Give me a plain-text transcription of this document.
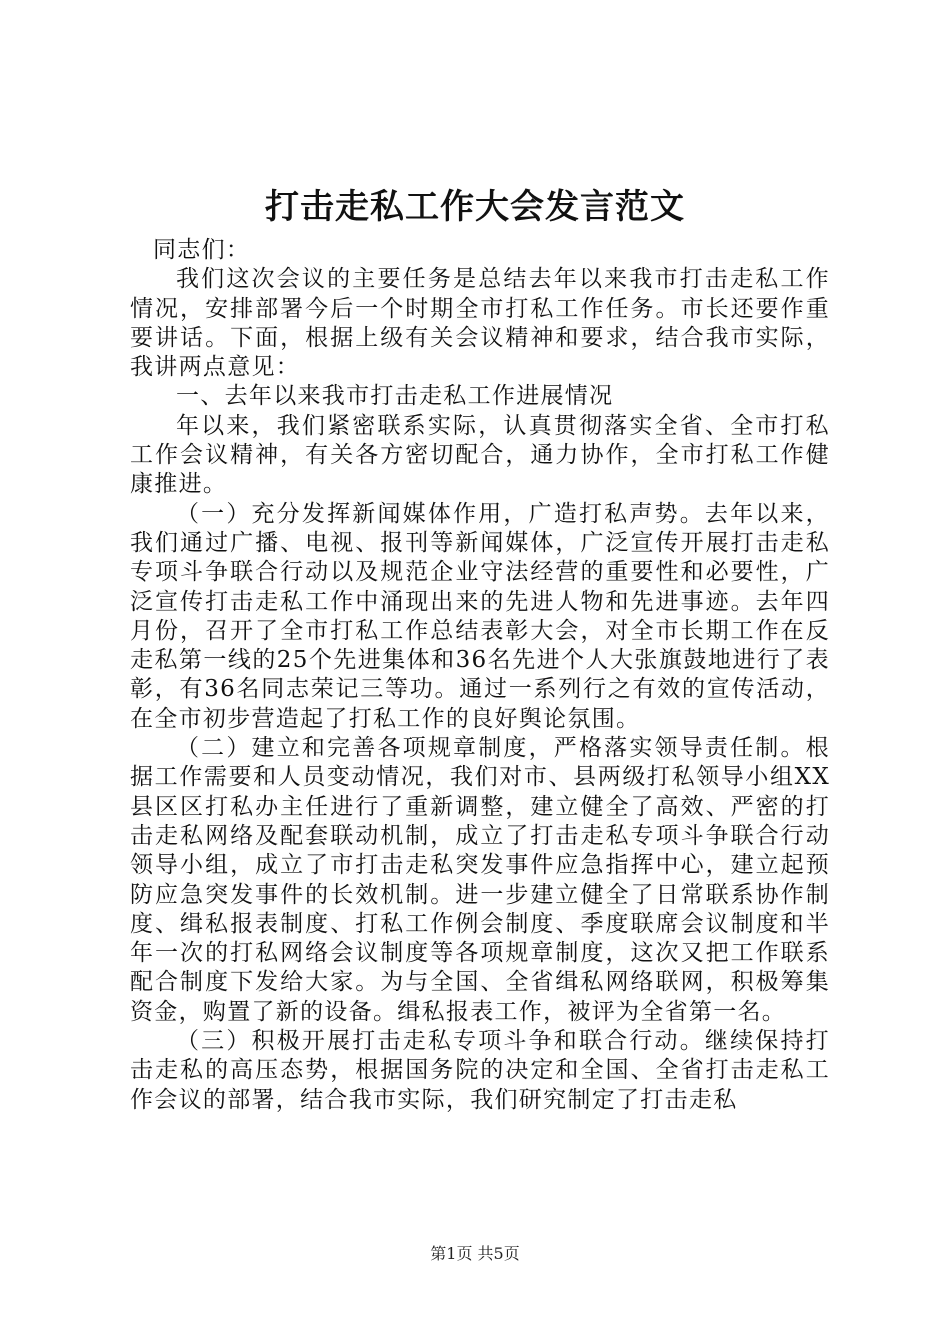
打击走私工作大会发言范文

同志们：

我们这次会议的主要任务是总结去年以来我市打击走私工作情况，安排部署今后一个时期全市打私工作任务。市长还要作重要讲话。下面，根据上级有关会议精神和要求，结合我市实际，我讲两点意见：

一、去年以来我市打击走私工作进展情况

年以来，我们紧密联系实际，认真贯彻落实全省、全市打私工作会议精神，有关各方密切配合，通力协作，全市打私工作健康推进。

（一）充分发挥新闻媒体作用，广造打私声势。去年以来，我们通过广播、电视、报刊等新闻媒体，广泛宣传开展打击走私专项斗争联合行动以及规范企业守法经营的重要性和必要性，广泛宣传打击走私工作中涌现出来的先进人物和先进事迹。去年四月份，召开了全市打私工作总结表彰大会，对全市长期工作在反走私第一线的25个先进集体和36名先进个人大张旗鼓地进行了表彰，有36名同志荣记三等功。通过一系列行之有效的宣传活动，在全市初步营造起了打私工作的良好舆论氛围。

（二）建立和完善各项规章制度，严格落实领导责任制。根据工作需要和人员变动情况，我们对市、县两级打私领导小组XX县区区打私办主任进行了重新调整，建立健全了高效、严密的打击走私网络及配套联动机制，成立了打击走私专项斗争联合行动领导小组，成立了市打击走私突发事件应急指挥中心，建立起预防应急突发事件的长效机制。进一步建立健全了日常联系协作制度、缉私报表制度、打私工作例会制度、季度联席会议制度和半年一次的打私网络会议制度等各项规章制度，这次又把工作联系配合制度下发给大家。为与全国、全省缉私网络联网，积极筹集资金，购置了新的设备。缉私报表工作，被评为全省第一名。

（三）积极开展打击走私专项斗争和联合行动。继续保持打击走私的高压态势，根据国务院的决定和全国、全省打击走私工作会议的部署，结合我市实际，我们研究制定了打击走私

第1页 共5页
